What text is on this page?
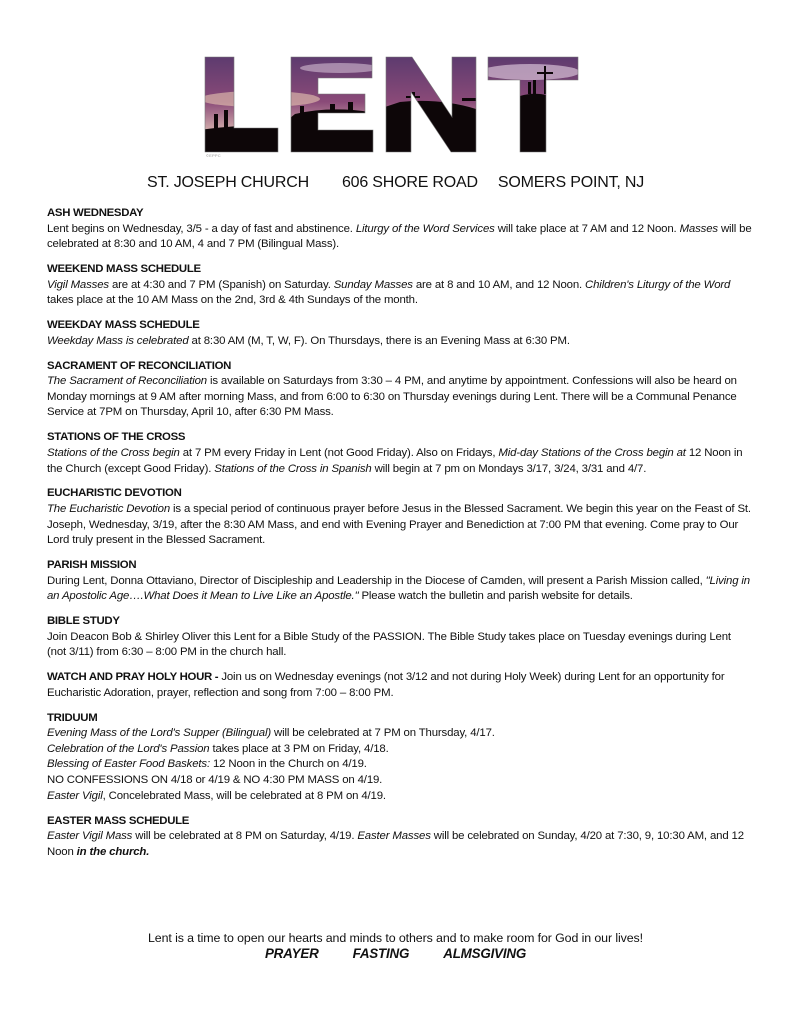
©EPPC
ST. JOSEPH CHURCH 606 SHORE ROAD SOMERS POINT, NJ
ASH WEDNESDAY
Lent begins on Wednesday, 3/5 - a day of fast and abstinence. Liturgy of the Word Services will take place at 7 AM and 12 Noon. Masses will be celebrated at 8:30 and 10 AM, 4 and 7 PM (Bilingual Mass).
WEEKEND MASS SCHEDULE
Vigil Masses are at 4:30 and 7 PM (Spanish) on Saturday. Sunday Masses are at 8 and 10 AM, and 12 Noon. Children's Liturgy of the Word takes place at the 10 AM Mass on the 2nd, 3rd & 4th Sundays of the month.
WEEKDAY MASS SCHEDULE
Weekday Mass is celebrated at 8:30 AM (M, T, W, F). On Thursdays, there is an Evening Mass at 6:30 PM.
SACRAMENT OF RECONCILIATION
The Sacrament of Reconciliation is available on Saturdays from 3:30 – 4 PM, and anytime by appointment. Confessions will also be heard on Monday mornings at 9 AM after morning Mass, and from 6:00 to 6:30 on Thursday evenings during Lent. There will be a Communal Penance Service at 7PM on Thursday, April 10, after 6:30 PM Mass.
STATIONS OF THE CROSS
Stations of the Cross begin at 7 PM every Friday in Lent (not Good Friday). Also on Fridays, Mid-day Stations of the Cross begin at 12 Noon in the Church (except Good Friday). Stations of the Cross in Spanish will begin at 7 pm on Mondays 3/17, 3/24, 3/31 and 4/7.
EUCHARISTIC DEVOTION
The Eucharistic Devotion is a special period of continuous prayer before Jesus in the Blessed Sacrament. We begin this year on the Feast of St. Joseph, Wednesday, 3/19, after the 8:30 AM Mass, and end with Evening Prayer and Benediction at 7:00 PM that evening. Come pray to Our Lord truly present in the Blessed Sacrament.
PARISH MISSION
During Lent, Donna Ottaviano, Director of Discipleship and Leadership in the Diocese of Camden, will present a Parish Mission called, "Living in an Apostolic Age….What Does it Mean to Live Like an Apostle." Please watch the bulletin and parish website for details.
BIBLE STUDY
Join Deacon Bob & Shirley Oliver this Lent for a Bible Study of the PASSION. The Bible Study takes place on Tuesday evenings during Lent (not 3/11) from 6:30 – 8:00 PM in the church hall.
WATCH AND PRAY HOLY HOUR - Join us on Wednesday evenings (not 3/12 and not during Holy Week) during Lent for an opportunity for Eucharistic Adoration, prayer, reflection and song from 7:00 – 8:00 PM.
TRIDUUM
Evening Mass of the Lord's Supper (Bilingual) will be celebrated at 7 PM on Thursday, 4/17.
Celebration of the Lord's Passion takes place at 3 PM on Friday, 4/18.
Blessing of Easter Food Baskets: 12 Noon in the Church on 4/19.
NO CONFESSIONS ON 4/18 or 4/19 & NO 4:30 PM MASS on 4/19.
Easter Vigil, Concelebrated Mass, will be celebrated at 8 PM on 4/19.
EASTER MASS SCHEDULE
Easter Vigil Mass will be celebrated at 8 PM on Saturday, 4/19. Easter Masses will be celebrated on Sunday, 4/20 at 7:30, 9, 10:30 AM, and 12 Noon in the church.
Lent is a time to open our hearts and minds to others and to make room for God in our lives!
PRAYER	FASTING	ALMSGIVING
